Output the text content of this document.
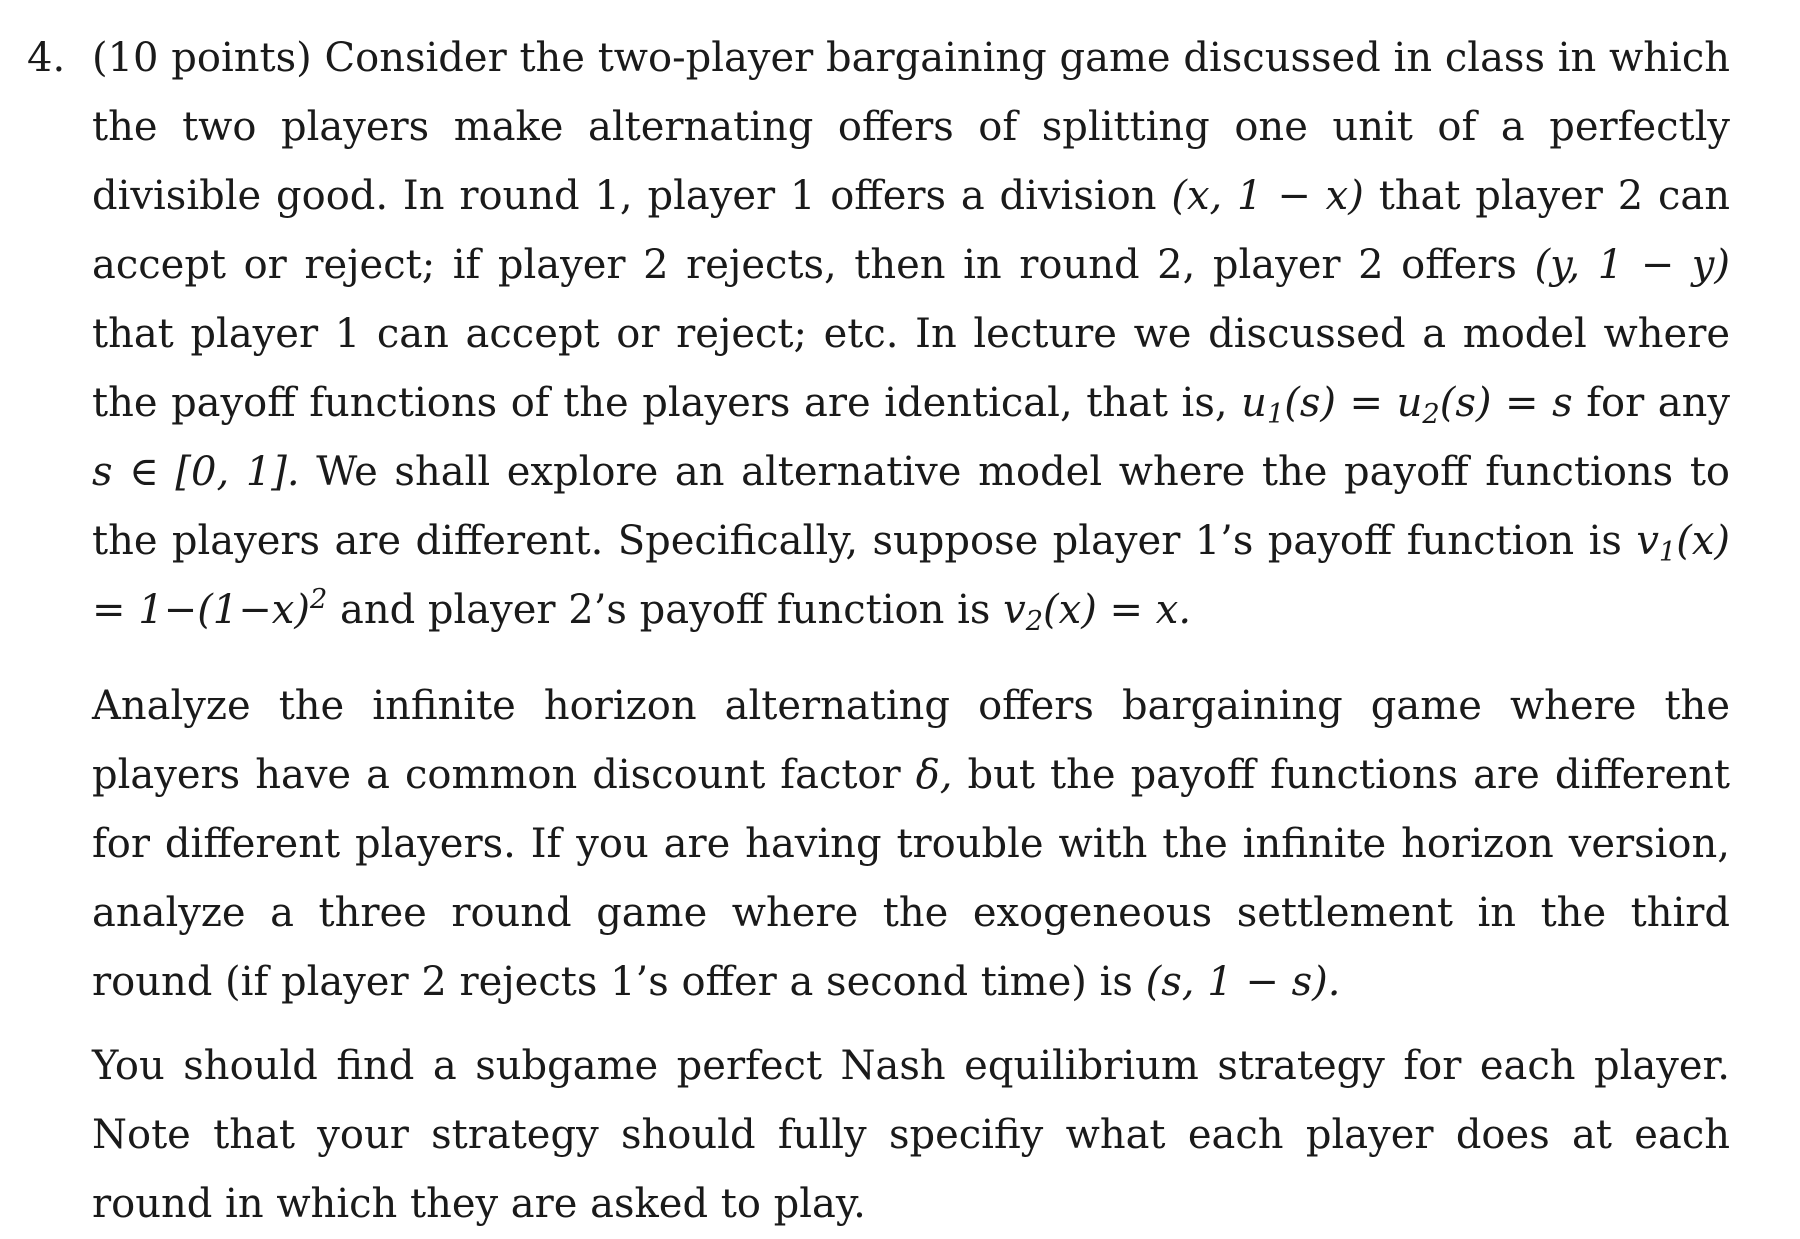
4. (10 points) Consider the two-player bargaining game discussed in class in which the two players make alternating offers of splitting one unit of a perfectly divisible good. In round 1, player 1 offers a division (x, 1 − x) that player 2 can accept or reject; if player 2 rejects, then in round 2, player 2 offers (y, 1 − y) that player 1 can accept or reject; etc. In lecture we discussed a model where the payoff functions of the players are identical, that is, $u_1(s) = u_2(s) = s$ for any s ∈ [0, 1]. We shall explore an alternative model where the payoff functions to the players are different. Specifically, suppose player 1’s payoff function is $v_1(x) = 1-(1-x)^2$ and player 2’s payoff function is $v_2(x) = x$.
Analyze the infinite horizon alternating offers bargaining game where the players have a common discount factor δ, but the payoff functions are different for different players. If you are having trouble with the infinite horizon version, analyze a three round game where the exogeneous settlement in the third round (if player 2 rejects 1’s offer a second time) is (s, 1 − s).
You should find a subgame perfect Nash equilibrium strategy for each player. Note that your strategy should fully specifiy what each player does at each round in which they are asked to play.
